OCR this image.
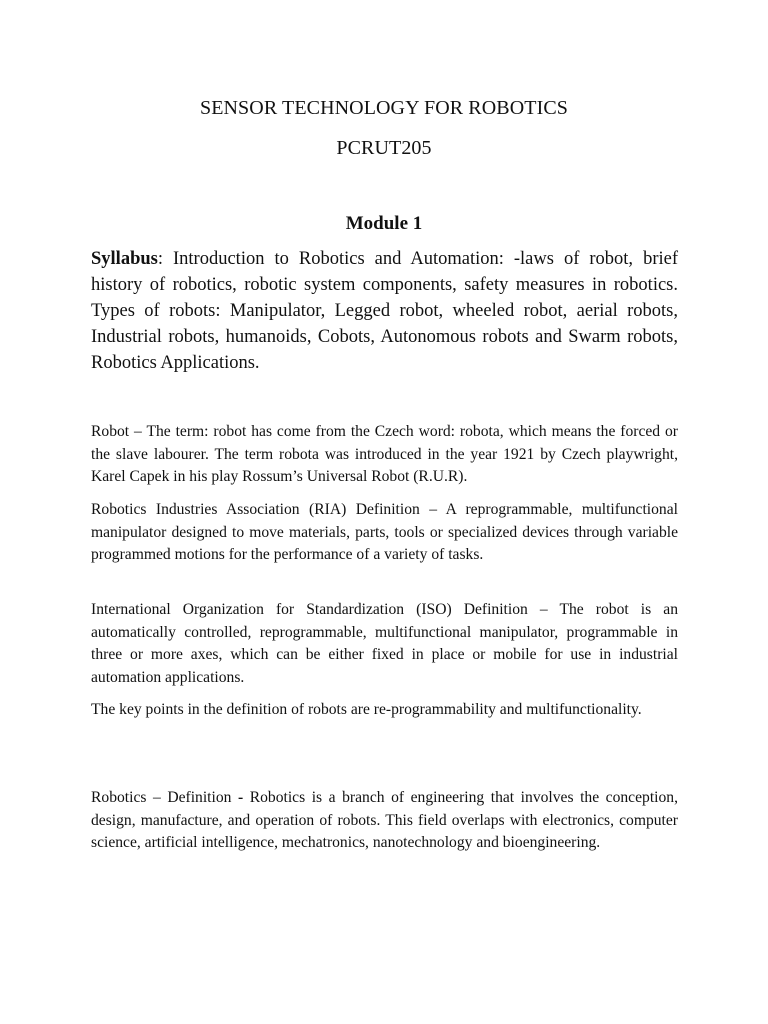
SENSOR TECHNOLOGY FOR ROBOTICS
PCRUT205
Module 1
Syllabus: Introduction to Robotics and Automation: -laws of robot, brief history of robotics, robotic system components, safety measures in robotics. Types of robots: Manipulator, Legged robot, wheeled robot, aerial robots, Industrial robots, humanoids, Cobots, Autonomous robots and Swarm robots, Robotics Applications.
Robot – The term: robot has come from the Czech word: robota, which means the forced or the slave labourer. The term robota was introduced in the year 1921 by Czech playwright, Karel Capek in his play Rossum’s Universal Robot (R.U.R).
Robotics Industries Association (RIA) Definition – A reprogrammable, multifunctional manipulator designed to move materials, parts, tools or specialized devices through variable programmed motions for the performance of a variety of tasks.
International Organization for Standardization (ISO) Definition – The robot is an automatically controlled, reprogrammable, multifunctional manipulator, programmable in three or more axes, which can be either fixed in place or mobile for use in industrial automation applications.
The key points in the definition of robots are re-programmability and multifunctionality.
Robotics – Definition - Robotics is a branch of engineering that involves the conception, design, manufacture, and operation of robots. This field overlaps with electronics, computer science, artificial intelligence, mechatronics, nanotechnology and bioengineering.
